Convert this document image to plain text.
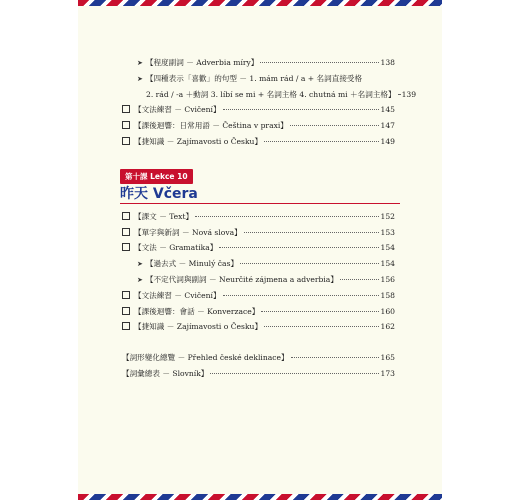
➤ 【程度副詞 － Adverbia míry】	138
➤ 【四種表示「喜歡」的句型 － 1. mám rád / a + 名詞直接受格
2. rád / -a ＋動詞 3. líbí se mi + 名詞主格 4. chutná mi ＋名詞主格】 139
【文法練習 － Cvičení】	145
【課後迴響：日常用語 － Čeština v praxi】	147
【捷知識 － Zajímavosti o Česku】	149
第十課 Lekce 10
昨天 Včera
【課文 － Text】	152
【單字與新詞 － Nová slova】	153
【文法 － Gramatika】	154
➤ 【過去式 － Minulý čas】	154
➤ 【不定代詞與副詞 － Neurčité zájmena a adverbia】	156
【文法練習 － Cvičení】	158
【課後迴響：會話 － Konverzace】	160
【捷知識 － Zajímavosti o Česku】	162
【詞形變化總覽 － Přehled české deklinace】	165
【詞彙總表 － Slovník】	173
